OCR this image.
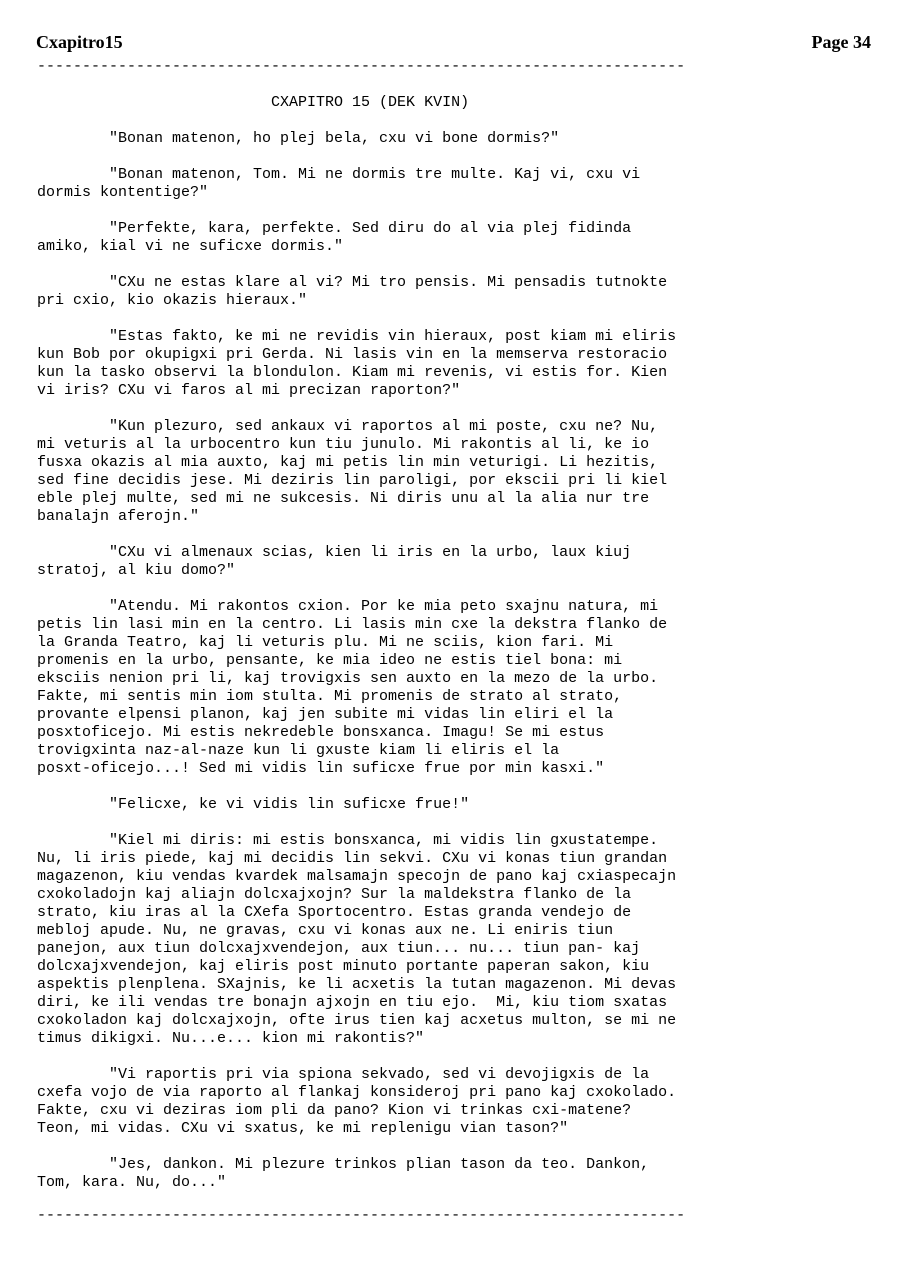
Cxapitro15	Page 34
------------------------------------------------------------------------
CXAPITRO 15 (DEK KVIN)
"Bonan matenon, ho plej bela, cxu vi bone dormis?"
"Bonan matenon, Tom. Mi ne dormis tre multe. Kaj vi, cxu vi
dormis kontentige?"
"Perfekte, kara, perfekte. Sed diru do al via plej fidinda
amiko, kial vi ne suficxe dormis."
"CXu ne estas klare al vi? Mi tro pensis. Mi pensadis tutnokte
pri cxio, kio okazis hieraux."
"Estas fakto, ke mi ne revidis vin hieraux, post kiam mi eliris
kun Bob por okupigxi pri Gerda. Ni lasis vin en la memserva restoracio
kun la tasko observi la blondulon. Kiam mi revenis, vi estis for. Kien
vi iris? CXu vi faros al mi precizan raporton?"
"Kun plezuro, sed ankaux vi raportos al mi poste, cxu ne? Nu,
mi veturis al la urbocentro kun tiu junulo. Mi rakontis al li, ke io
fusxa okazis al mia auxto, kaj mi petis lin min veturigi. Li hezitis,
sed fine decidis jese. Mi deziris lin paroligi, por ekscii pri li kiel
eble plej multe, sed mi ne sukcesis. Ni diris unu al la alia nur tre
banalajn aferojn."
"CXu vi almenaux scias, kien li iris en la urbo, laux kiuj
stratoj, al kiu domo?"
"Atendu. Mi rakontos cxion. Por ke mia peto sxajnu natura, mi
petis lin lasi min en la centro. Li lasis min cxe la dekstra flanko de
la Granda Teatro, kaj li veturis plu. Mi ne sciis, kion fari. Mi
promenis en la urbo, pensante, ke mia ideo ne estis tiel bona: mi
eksciis nenion pri li, kaj trovigxis sen auxto en la mezo de la urbo.
Fakte, mi sentis min iom stulta. Mi promenis de strato al strato,
provante elpensi planon, kaj jen subite mi vidas lin eliri el la
posxtoficejo. Mi estis nekredeble bonsxanca. Imagu! Se mi estus
trovigxinta naz-al-naze kun li gxuste kiam li eliris el la
posxt-oficejo...! Sed mi vidis lin suficxe frue por min kasxi."
"Felicxe, ke vi vidis lin suficxe frue!"
"Kiel mi diris: mi estis bonsxanca, mi vidis lin gxustatempe.
Nu, li iris piede, kaj mi decidis lin sekvi. CXu vi konas tiun grandan
magazenon, kiu vendas kvardek malsamajn specojn de pano kaj cxiaspecajn
cxokoladojn kaj aliajn dolcxajxojn? Sur la maldekstra flanko de la
strato, kiu iras al la CXefa Sportocentro. Estas granda vendejo de
mebloj apude. Nu, ne gravas, cxu vi konas aux ne. Li eniris tiun
panejon, aux tiun dolcxajxvendejon, aux tiun... nu... tiun pan- kaj
dolcxajxvendejon, kaj eliris post minuto portante paperan sakon, kiu
aspektis plenplena. SXajnis, ke li acxetis la tutan magazenon. Mi devas
diri, ke ili vendas tre bonajn ajxojn en tiu ejo.  Mi, kiu tiom sxatas
cxokoladon kaj dolcxajxojn, ofte irus tien kaj acxetus multon, se mi ne
timus dikigxi. Nu...e... kion mi rakontis?"
"Vi raportis pri via spiona sekvado, sed vi devojigxis de la
cxefa vojo de via raporto al flankaj konsideroj pri pano kaj cxokolado.
Fakte, cxu vi deziras iom pli da pano? Kion vi trinkas cxi-matene?
Teon, mi vidas. CXu vi sxatus, ke mi replenigu vian tason?"
"Jes, dankon. Mi plezure trinkos plian tason da teo. Dankon,
Tom, kara. Nu, do..."
------------------------------------------------------------------------
